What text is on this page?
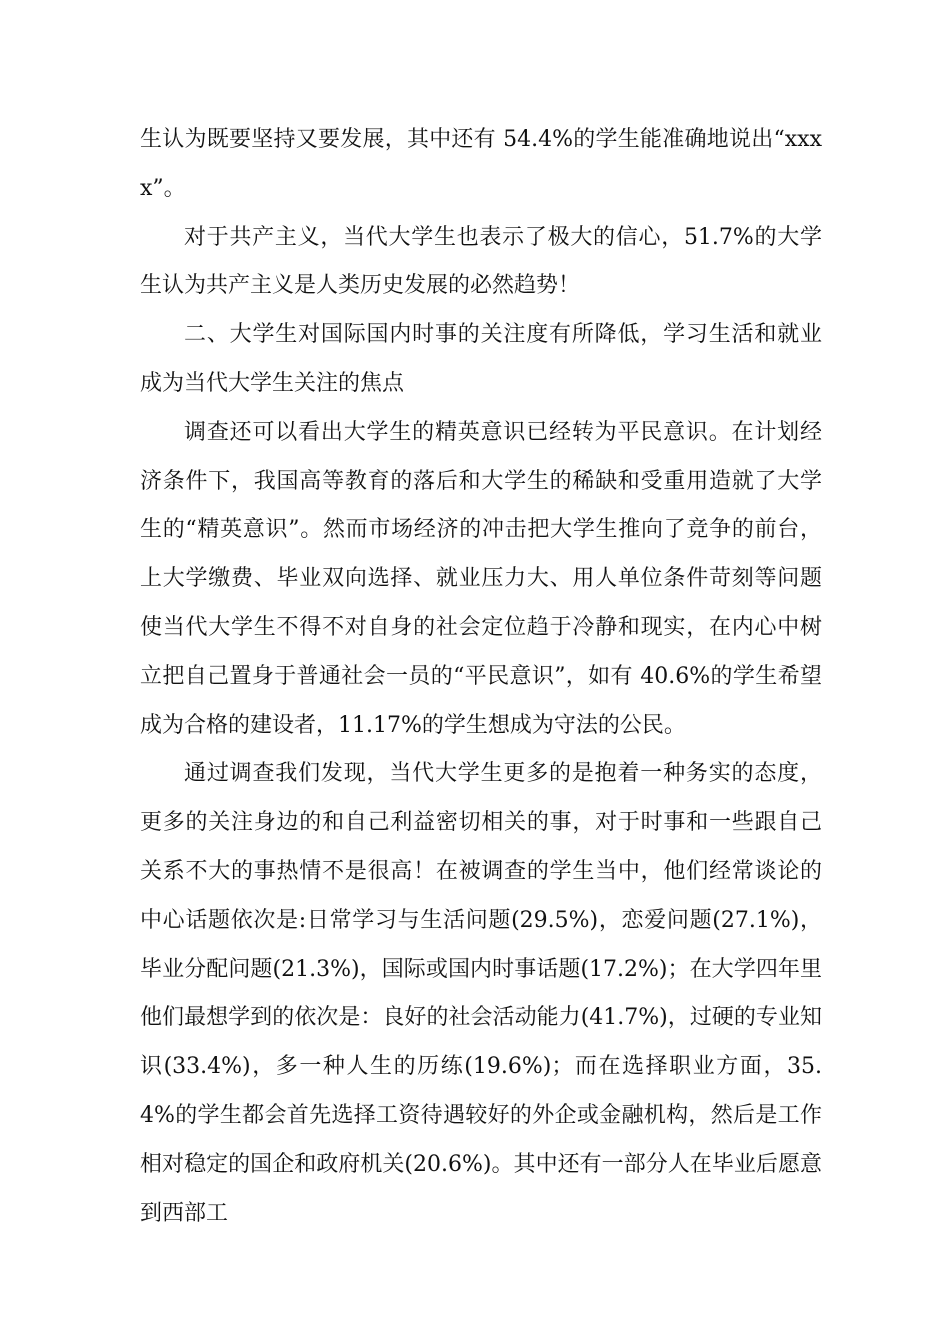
生认为既要坚持又要发展，其中还有 54.4%的学生能准确地说出“xxxx”。

对于共产主义，当代大学生也表示了极大的信心，51.7%的大学生认为共产主义是人类历史发展的必然趋势！

二、大学生对国际国内时事的关注度有所降低，学习生活和就业成为当代大学生关注的焦点

调查还可以看出大学生的精英意识已经转为平民意识。在计划经济条件下，我国高等教育的落后和大学生的稀缺和受重用造就了大学生的“精英意识”。然而市场经济的冲击把大学生推向了竞争的前台，上大学缴费、毕业双向选择、就业压力大、用人单位条件苛刻等问题使当代大学生不得不对自身的社会定位趋于冷静和现实，在内心中树立把自己置身于普通社会一员的“平民意识”，如有 40.6%的学生希望成为合格的建设者，11.17%的学生想成为守法的公民。

通过调查我们发现，当代大学生更多的是抱着一种务实的态度，更多的关注身边的和自己利益密切相关的事，对于时事和一些跟自己关系不大的事热情不是很高！在被调查的学生当中，他们经常谈论的中心话题依次是:日常学习与生活问题(29.5%)，恋爱问题(27.1%)，毕业分配问题(21.3%)，国际或国内时事话题(17.2%)；在大学四年里他们最想学到的依次是：良好的社会活动能力(41.7%)，过硬的专业知识(33.4%)，多一种人生的历练(19.6%)；而在选择职业方面，35.4%的学生都会首先选择工资待遇较好的外企或金融机构，然后是工作相对稳定的国企和政府机关(20.6%)。其中还有一部分人在毕业后愿意到西部工
